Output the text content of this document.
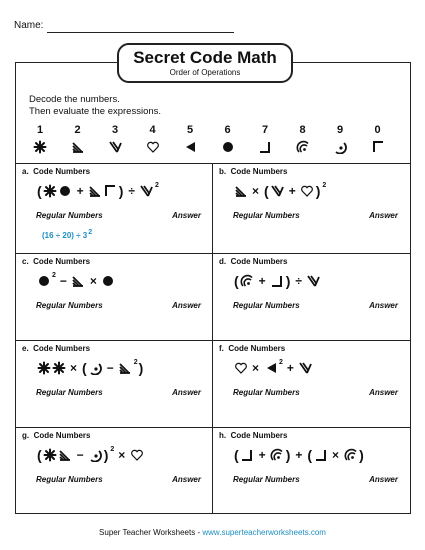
Name:
Secret Code Math
Order of Operations
Decode the numbers.
Then evaluate the expressions.
1	2	3	4	5	6	7	8	9	0
a. Code Numbers
(	+	) ÷	2
Regular Numbers	Answer
(16 ÷ 20) ÷ 32
b. Code Numbers
× ( + ) 2
Regular Numbers	Answer
c. Code Numbers
2 − ×
Regular Numbers	Answer
d. Code Numbers
( + ) ÷
Regular Numbers	Answer
e. Code Numbers
× ( −	2 )
Regular Numbers	Answer
f. Code Numbers
×	2 +
Regular Numbers	Answer
g. Code Numbers
(	− ) 2 ×
Regular Numbers	Answer
h. Code Numbers
( + ) + ( × )
Regular Numbers	Answer
Super Teacher Worksheets - www.superteacherworksheets.com
